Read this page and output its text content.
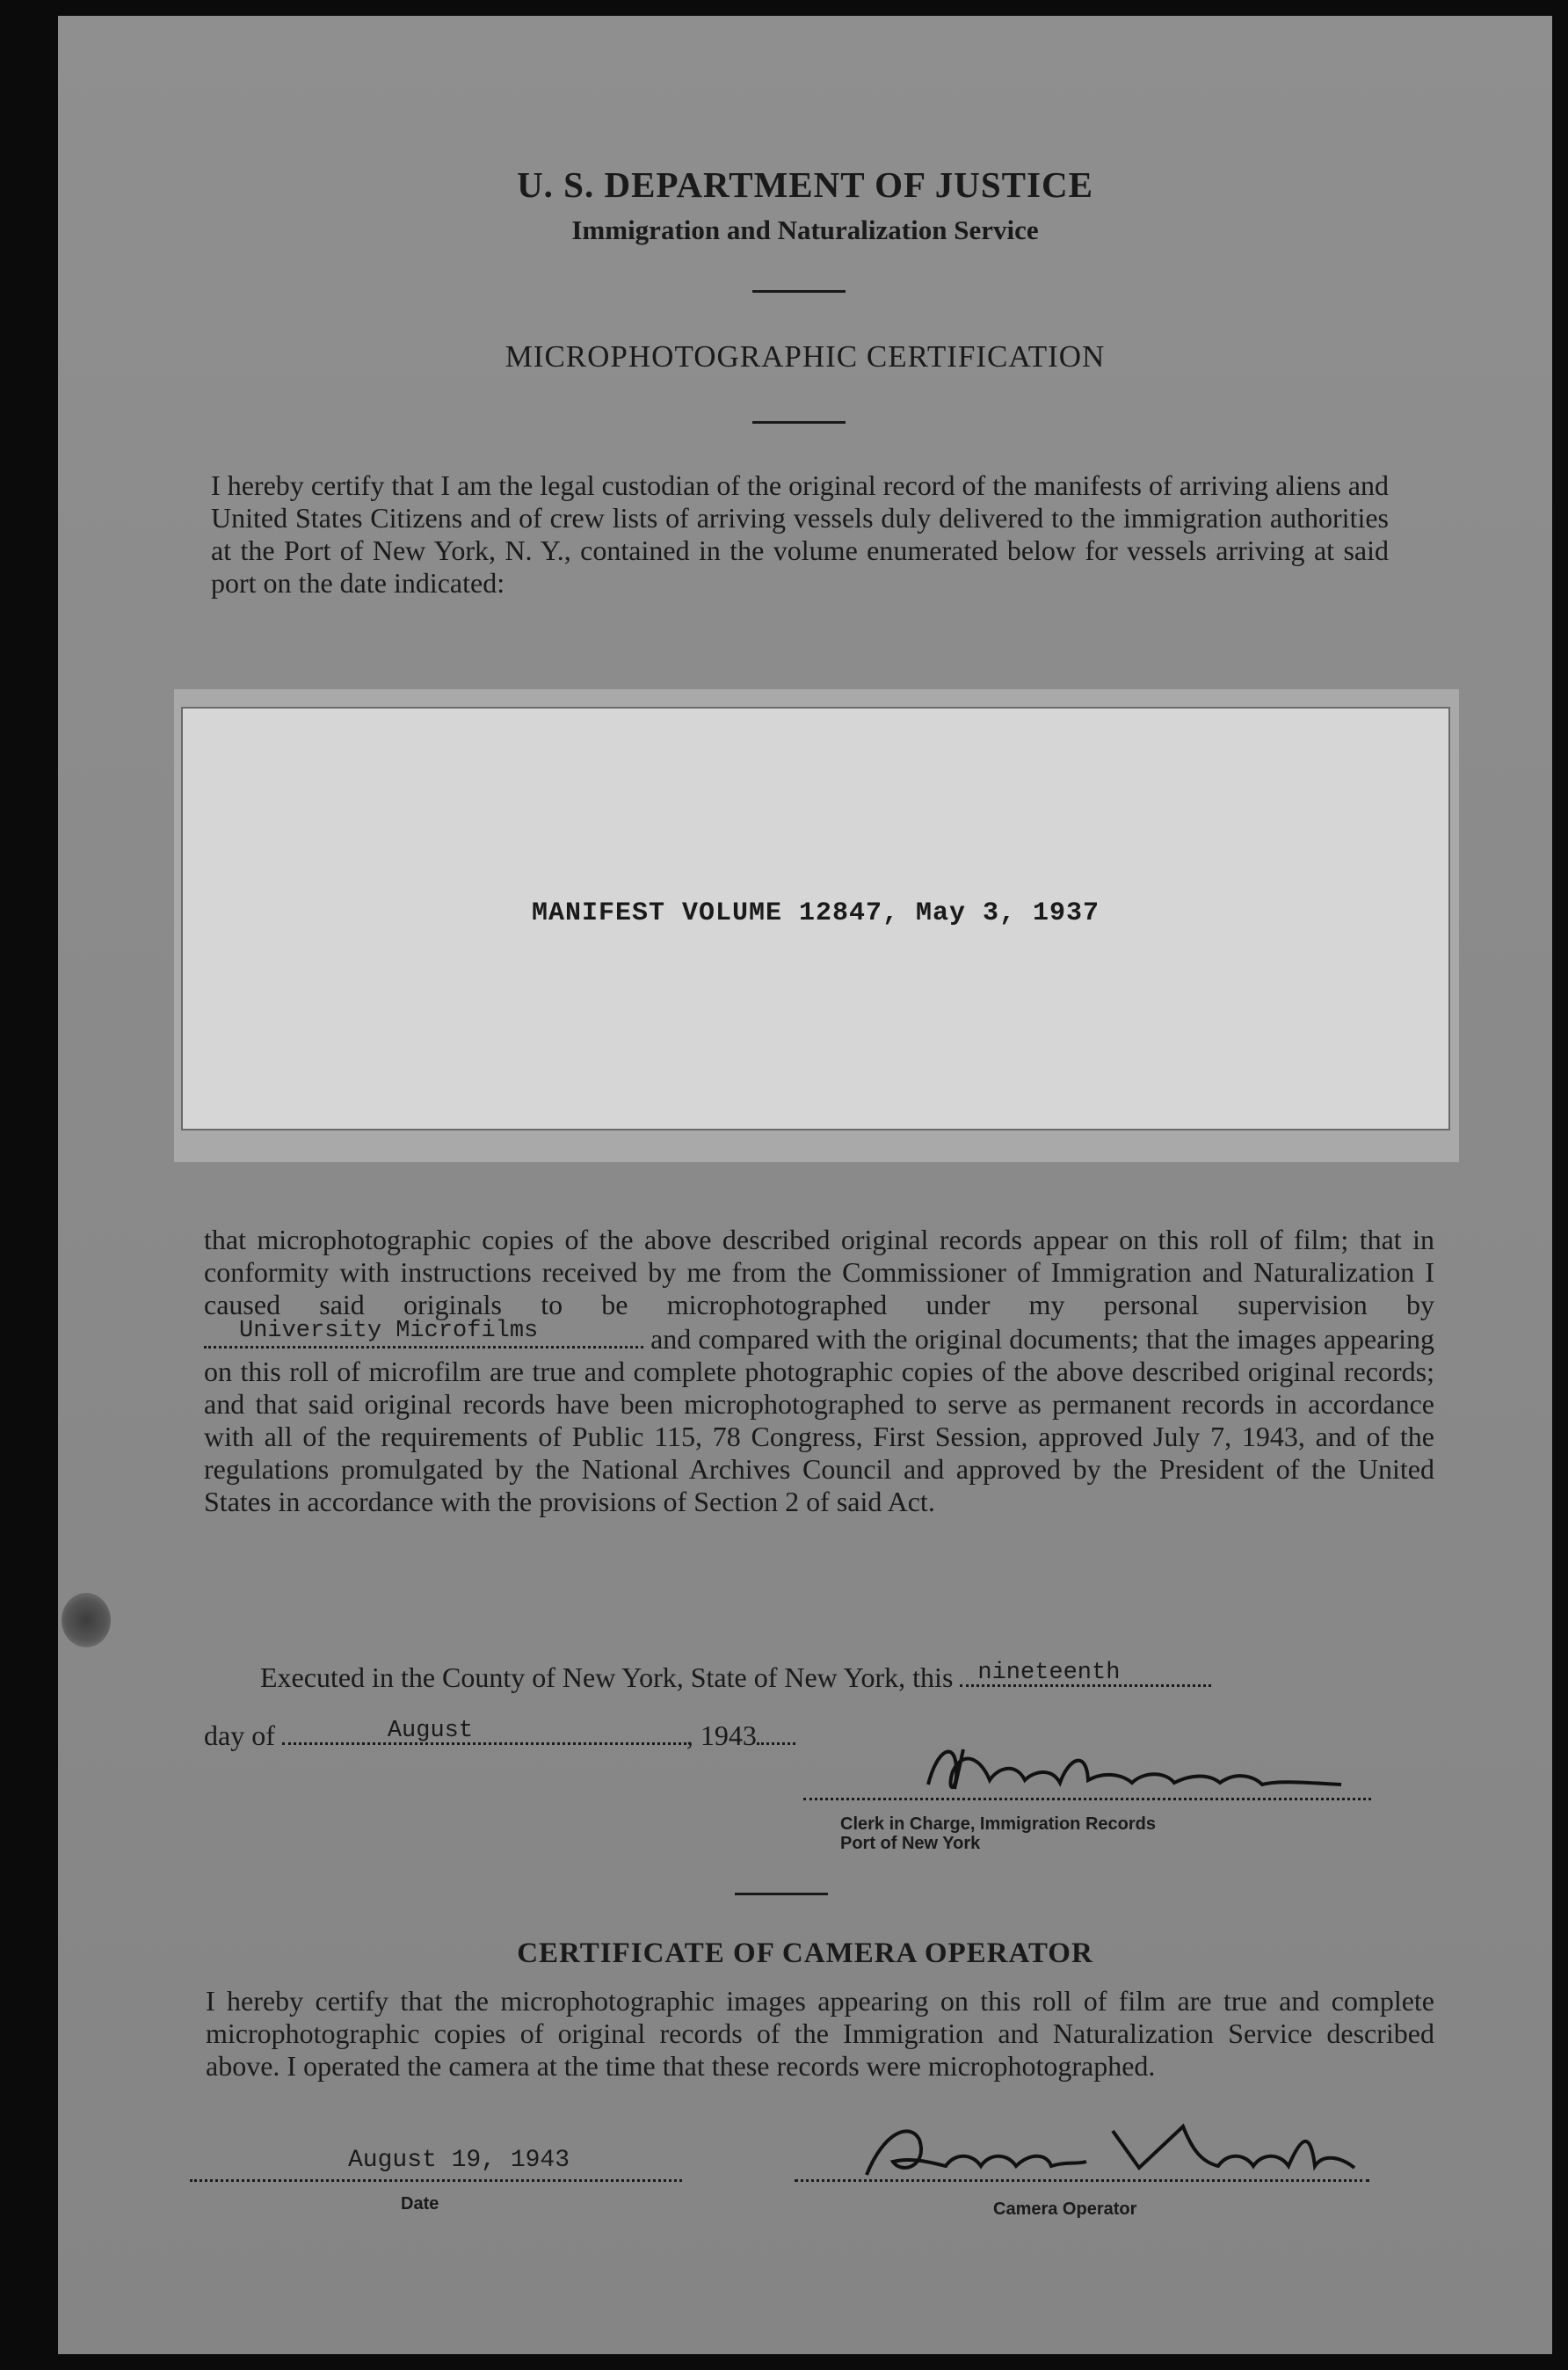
U. S. DEPARTMENT OF JUSTICE
Immigration and Naturalization Service
MICROPHOTOGRAPHIC CERTIFICATION
I hereby certify that I am the legal custodian of the original record of the manifests of arriving aliens and United States Citizens and of crew lists of arriving vessels duly delivered to the immigration authorities at the Port of New York, N. Y., contained in the volume enumerated below for vessels arriving at said port on the date indicated:
MANIFEST VOLUME 12847, May 3, 1937
that microphotographic copies of the above described original records appear on this roll of film; that in conformity with instructions received by me from the Commissioner of Immigration and Naturalization I caused said originals to be microphotographed under my personal supervision by
University Microfilms	and compared with the original documents; that the images appearing on this roll of microfilm are true and complete photographic copies of the above described original records; and that said original records have been microphotographed to serve as permanent records in accordance with all of the requirements of Public 115, 78 Congress, First Session, approved July 7, 1943, and of the regulations promulgated by the National Archives Council and approved by the President of the United States in accordance with the provisions of Section 2 of said Act.
Executed in the County of New York, State of New York, this nineteenth
day of	August	, 1943
Clerk in Charge, Immigration Records
Port of New York
CERTIFICATE OF CAMERA OPERATOR
I hereby certify that the microphotographic images appearing on this roll of film are true and complete microphotographic copies of original records of the Immigration and Naturalization Service described above. I operated the camera at the time that these records were microphotographed.
August 19, 1943
Date	Camera Operator
